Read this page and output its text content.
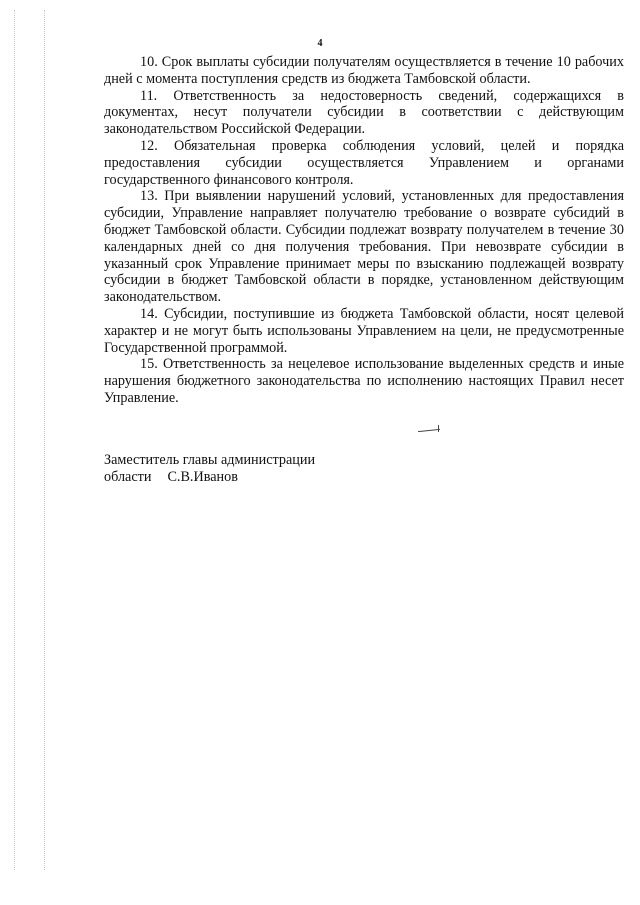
4

10. Срок выплаты субсидии получателям осуществляется в течение 10 рабочих дней с момента поступления средств из бюджета Тамбовской области.

11. Ответственность за недостоверность сведений, содержащихся в документах, несут получатели субсидии в соответствии с действующим законодательством Российской Федерации.

12. Обязательная проверка соблюдения условий, целей и порядка предоставления субсидии осуществляется Управлением и органами государственного финансового контроля.

13. При выявлении нарушений условий, установленных для предоставления субсидии, Управление направляет получателю требование о возврате субсидий в бюджет Тамбовской области. Субсидии подлежат возврату получателем в течение 30 календарных дней со дня получения требования. При невозврате субсидии в указанный срок Управление принимает меры по взысканию подлежащей возврату субсидии в бюджет Тамбовской области в порядке, установленном действующим законодательством.

14. Субсидии, поступившие из бюджета Тамбовской области, носят целевой характер и не могут быть использованы Управлением на цели, не предусмотренные Государственной программой.

15. Ответственность за нецелевое использование выделенных средств и иные нарушения бюджетного законодательства по исполнению настоящих Правил несет Управление.

Заместитель главы администрации
области С.В.Иванов
